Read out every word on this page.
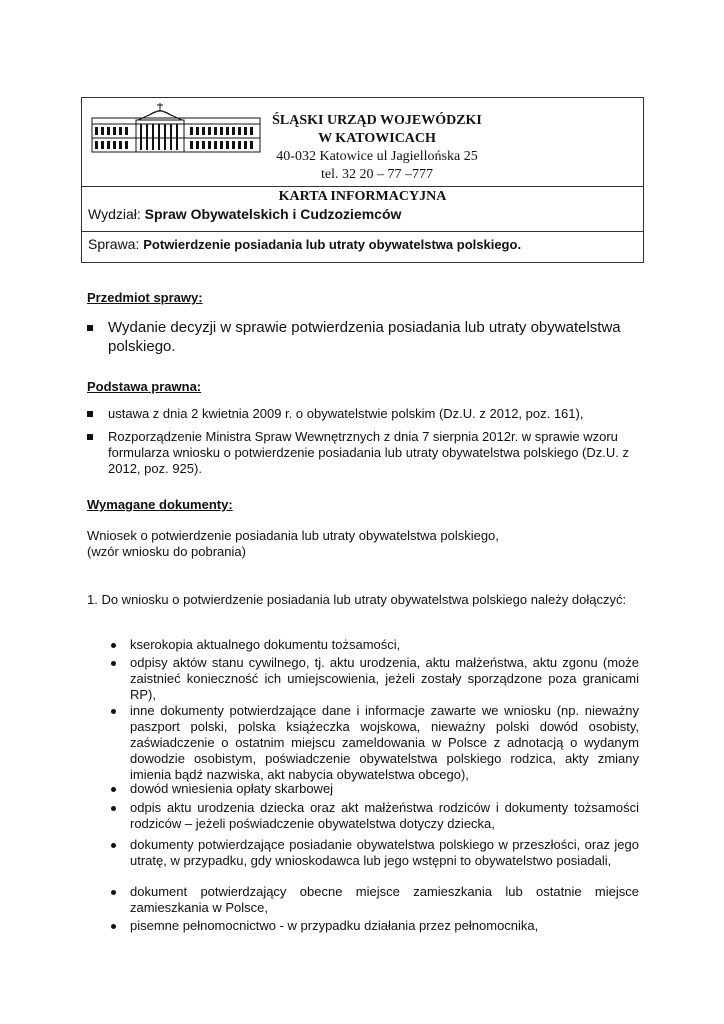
ŚLĄSKI URZĄD WOJEWÓDZKI
W KATOWICACH
40-032 Katowice ul Jagiellońska 25
tel. 32 20 – 77 –777
KARTA INFORMACYJNA
Wydział: Spraw Obywatelskich i Cudzoziemców
Sprawa: Potwierdzenie posiadania lub utraty obywatelstwa polskiego.
Przedmiot sprawy:
Wydanie decyzji w sprawie potwierdzenia posiadania lub utraty obywatelstwa polskiego.
Podstawa prawna:
ustawa z dnia 2 kwietnia 2009 r. o obywatelstwie polskim (Dz.U. z 2012, poz. 161),
Rozporządzenie Ministra Spraw Wewnętrznych z dnia 7 sierpnia 2012r. w sprawie wzoru formularza wniosku o potwierdzenie posiadania lub utraty obywatelstwa polskiego (Dz.U. z 2012, poz. 925).
Wymagane dokumenty:
Wniosek o potwierdzenie posiadania lub utraty obywatelstwa polskiego,
(wzór wniosku do pobrania)
1. Do wniosku o potwierdzenie posiadania lub utraty obywatelstwa polskiego należy dołączyć:
kserokopia aktualnego dokumentu tożsamości,
odpisy aktów stanu cywilnego, tj. aktu urodzenia, aktu małżeństwa, aktu zgonu (może zaistnieć konieczność ich umiejscowienia, jeżeli zostały sporządzone poza granicami RP),
inne dokumenty potwierdzające dane i informacje zawarte we wniosku (np. nieważny paszport polski, polska książeczka wojskowa, nieważny polski dowód osobisty, zaświadczenie o ostatnim miejscu zameldowania w Polsce z adnotacją o wydanym dowodzie osobistym, poświadczenie obywatelstwa polskiego rodzica, akty zmiany imienia bądź nazwiska, akt nabycia obywatelstwa obcego),
dowód wniesienia opłaty skarbowej
odpis aktu urodzenia dziecka oraz akt małżeństwa rodziców i dokumenty tożsamości rodziców – jeżeli poświadczenie obywatelstwa dotyczy dziecka,
dokumenty potwierdzające posiadanie obywatelstwa polskiego w przeszłości, oraz jego utratę, w przypadku, gdy wnioskodawca lub jego wstępni to obywatelstwo posiadali,
dokument potwierdzający obecne miejsce zamieszkania lub ostatnie miejsce zamieszkania w Polsce,
pisemne pełnomocnictwo - w przypadku działania przez pełnomocnika,
